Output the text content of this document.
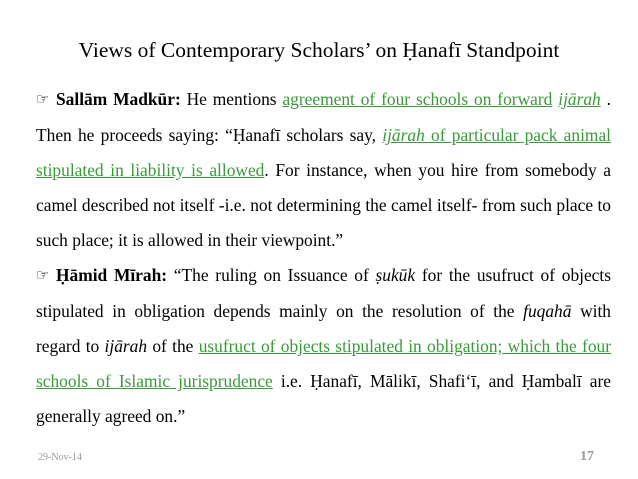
Views of Contemporary Scholars’ on Ḥanafī Standpoint

☞ Sallām Madkūr: He mentions agreement of four schools on forward ijārah . Then he proceeds saying: “Ḥanafī scholars say, ijārah of particular pack animal stipulated in liability is allowed. For instance, when you hire from somebody a camel described not itself -i.e. not determining the camel itself- from such place to such place; it is allowed in their viewpoint.”

☞ Ḥāmid Mīrah: “The ruling on Issuance of ṣukūk for the usufruct of objects stipulated in obligation depends mainly on the resolution of the fuqahā with regard to ijārah of the usufruct of objects stipulated in obligation; which the four schools of Islamic jurisprudence i.e. Ḥanafī, Mālikī, Shafi‘ī, and Ḥambalī are generally agreed on.”

29-Nov-14	17
